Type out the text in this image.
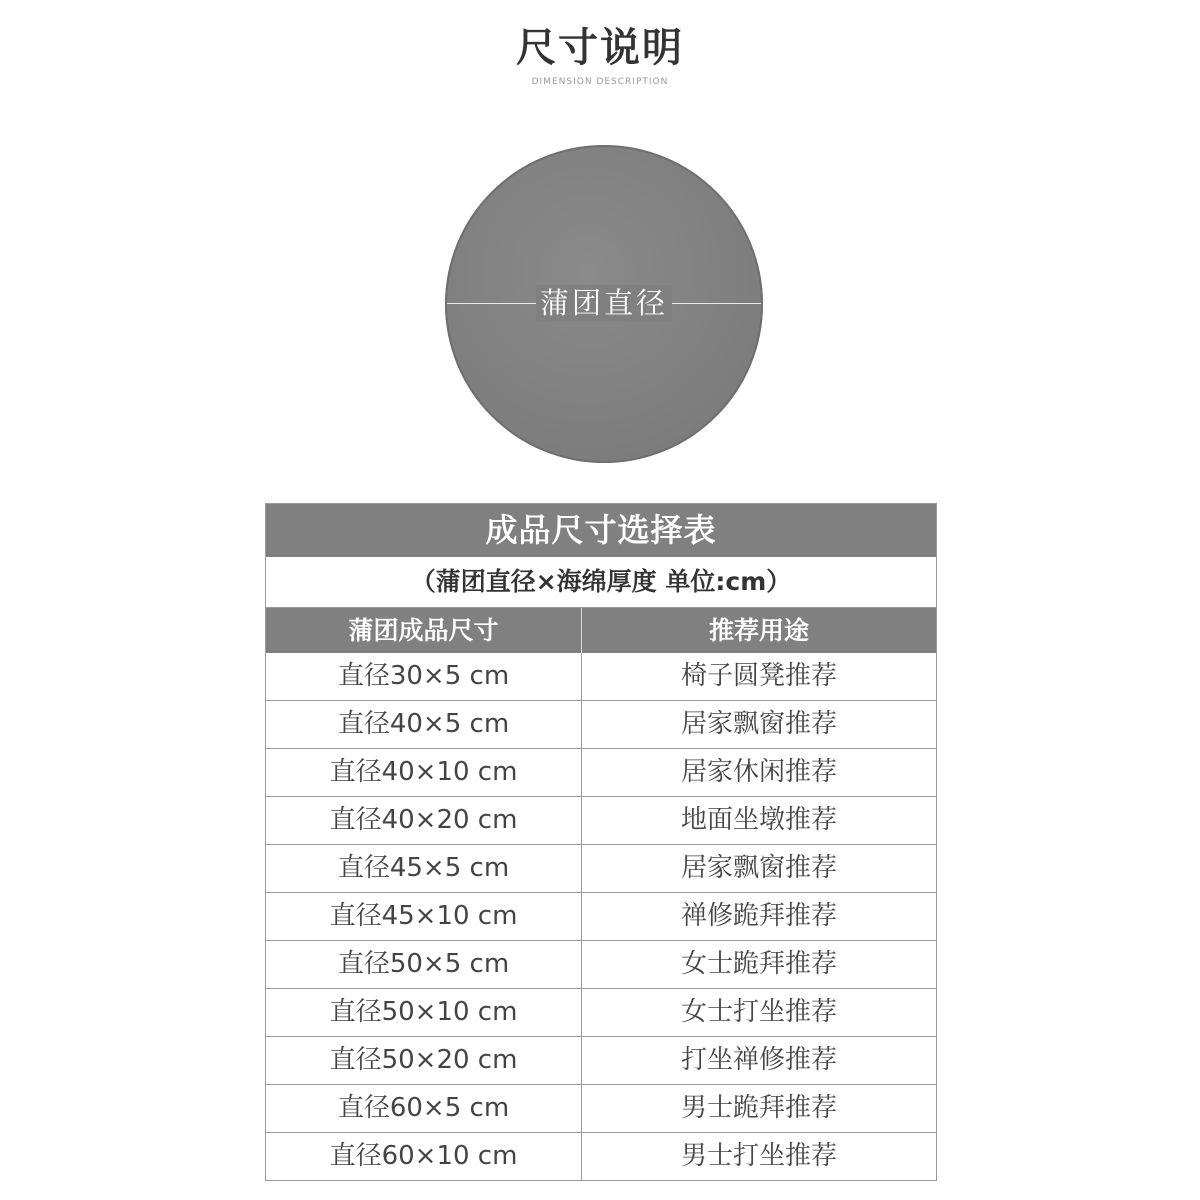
尺寸说明
DIMENSION DESCRIPTION
蒲团直径
成品尺寸选择表
（蒲团直径×海绵厚度 单位:cm）
蒲团成品尺寸	推荐用途
直径30×5 cm	椅子圆凳推荐
直径40×5 cm	居家飘窗推荐
直径40×10 cm	居家休闲推荐
直径40×20 cm	地面坐墩推荐
直径45×5 cm	居家飘窗推荐
直径45×10 cm	禅修跪拜推荐
直径50×5 cm	女士跪拜推荐
直径50×10 cm	女士打坐推荐
直径50×20 cm	打坐禅修推荐
直径60×5 cm	男士跪拜推荐
直径60×10 cm	男士打坐推荐
